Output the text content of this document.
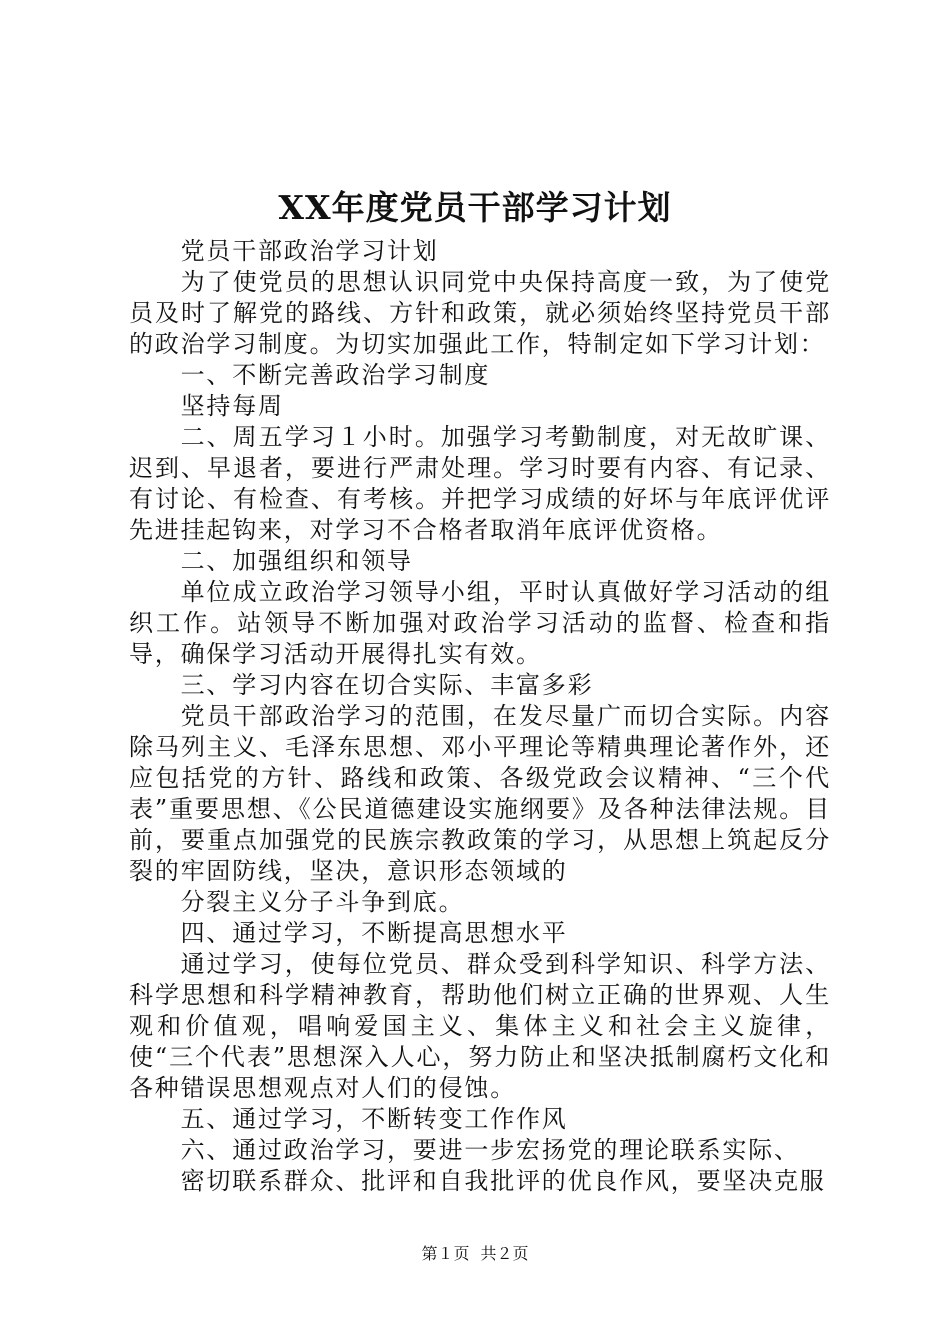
XX年度党员干部学习计划

党员干部政治学习计划

为了使党员的思想认识同党中央保持高度一致，为了使党员及时了解党的路线、方针和政策，就必须始终坚持党员干部的政治学习制度。为切实加强此工作，特制定如下学习计划：

一、不断完善政治学习制度

坚持每周

二、周五学习１小时。加强学习考勤制度，对无故旷课、迟到、早退者，要进行严肃处理。学习时要有内容、有记录、有讨论、有检查、有考核。并把学习成绩的好坏与年底评优评先进挂起钩来，对学习不合格者取消年底评优资格。

二、加强组织和领导

单位成立政治学习领导小组，平时认真做好学习活动的组织工作。站领导不断加强对政治学习活动的监督、检查和指导，确保学习活动开展得扎实有效。

三、学习内容在切合实际、丰富多彩

党员干部政治学习的范围，在发尽量广而切合实际。内容除马列主义、毛泽东思想、邓小平理论等精典理论著作外，还应包括党的方针、路线和政策、各级党政会议精神、“三个代表”重要思想、《公民道德建设实施纲要》及各种法律法规。目前，要重点加强党的民族宗教政策的学习，从思想上筑起反分裂的牢固防线，坚决，意识形态领域的

分裂主义分子斗争到底。

四、通过学习，不断提高思想水平

通过学习，使每位党员、群众受到科学知识、科学方法、科学思想和科学精神教育，帮助他们树立正确的世界观、人生观和价值观，唱响爱国主义、集体主义和社会主义旋律，使“三个代表”思想深入人心，努力防止和坚决抵制腐朽文化和各种错误思想观点对人们的侵蚀。

五、通过学习，不断转变工作作风

六、通过政治学习，要进一步宏扬党的理论联系实际、

密切联系群众、批评和自我批评的优良作风，要坚决克服

第１页 共２页
